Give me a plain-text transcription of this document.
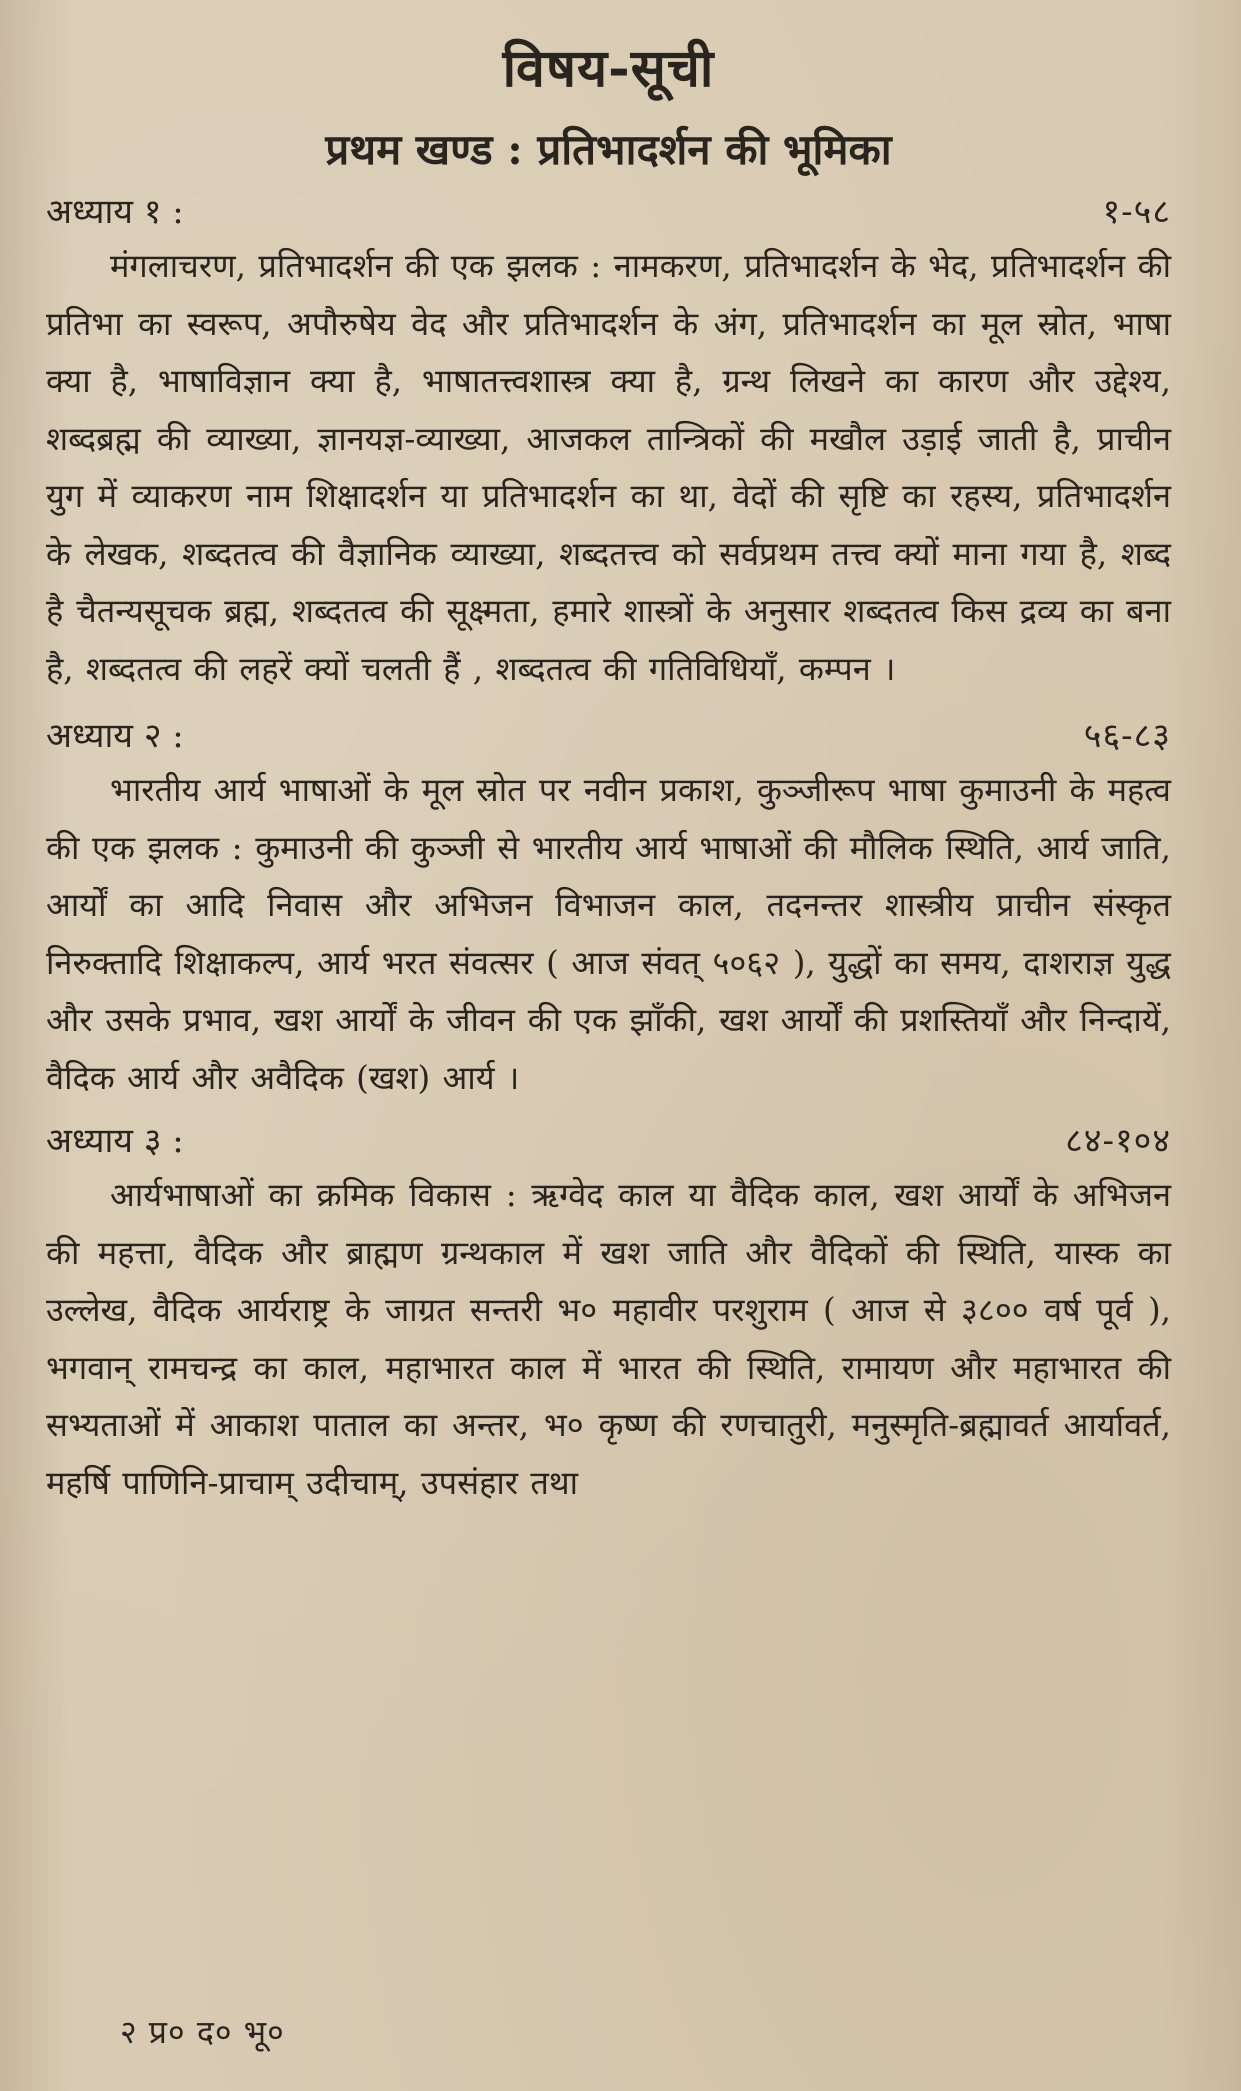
विषय-सूची
प्रथम खण्ड : प्रतिभादर्शन की भूमिका
अध्याय १ :	१-५८

मंगलाचरण, प्रतिभादर्शन की एक झलक : नामकरण, प्रतिभादर्शन के भेद, प्रतिभादर्शन की प्रतिभा का स्वरूप, अपौरुषेय वेद और प्रतिभादर्शन के अंग, प्रतिभादर्शन का मूल स्रोत, भाषा क्या है, भाषाविज्ञान क्या है, भाषातत्त्वशास्त्र क्या है, ग्रन्थ लिखने का कारण और उद्देश्य, शब्दब्रह्म की व्याख्या, ज्ञानयज्ञ-व्याख्या, आजकल तान्त्रिकों की मखौल उड़ाई जाती है, प्राचीन युग में व्याकरण नाम शिक्षादर्शन या प्रतिभादर्शन का था, वेदों की सृष्टि का रहस्य, प्रतिभादर्शन के लेखक, शब्दतत्व की वैज्ञानिक व्याख्या, शब्दतत्त्व को सर्वप्रथम तत्त्व क्यों माना गया है, शब्द है चैतन्यसूचक ब्रह्म, शब्दतत्व की सूक्ष्मता, हमारे शास्त्रों के अनुसार शब्दतत्व किस द्रव्य का बना है, शब्दतत्व की लहरें क्यों चलती हैं , शब्दतत्व की गतिविधियाँ, कम्पन ।

अध्याय २ :	५६-८३

भारतीय आर्य भाषाओं के मूल स्रोत पर नवीन प्रकाश, कुञ्जीरूप भाषा कुमाउनी के महत्व की एक झलक : कुमाउनी की कुञ्जी से भारतीय आर्य भाषाओं की मौलिक स्थिति, आर्य जाति, आर्यों का आदि निवास और अभिजन विभाजन काल, तदनन्तर शास्त्रीय प्राचीन संस्कृत निरुक्तादि शिक्षाकल्प, आर्य भरत संवत्सर ( आज संवत् ५०६२ ), युद्धों का समय, दाशराज्ञ युद्ध और उसके प्रभाव, खश आर्यों के जीवन की एक झाँकी, खश आर्यों की प्रशस्तियाँ और निन्दायें, वैदिक आर्य और अवैदिक (खश) आर्य ।

अध्याय ३ :	८४-१०४

आर्यभाषाओं का क्रमिक विकास : ऋग्वेद काल या वैदिक काल, खश आर्यों के अभिजन की महत्ता, वैदिक और ब्राह्मण ग्रन्थकाल में खश जाति और वैदिकों की स्थिति, यास्क का उल्लेख, वैदिक आर्यराष्ट्र के जाग्रत सन्तरी भ० महावीर परशुराम ( आज से ३८०० वर्ष पूर्व ), भगवान् रामचन्द्र का काल, महाभारत काल में भारत की स्थिति, रामायण और महाभारत की सभ्यताओं में आकाश पाताल का अन्तर, भ० कृष्ण की रणचातुरी, मनुस्मृति-ब्रह्मावर्त आर्यावर्त, महर्षि पाणिनि-प्राचाम् उदीचाम्, उपसंहार तथा

२ प्र० द० भू०
